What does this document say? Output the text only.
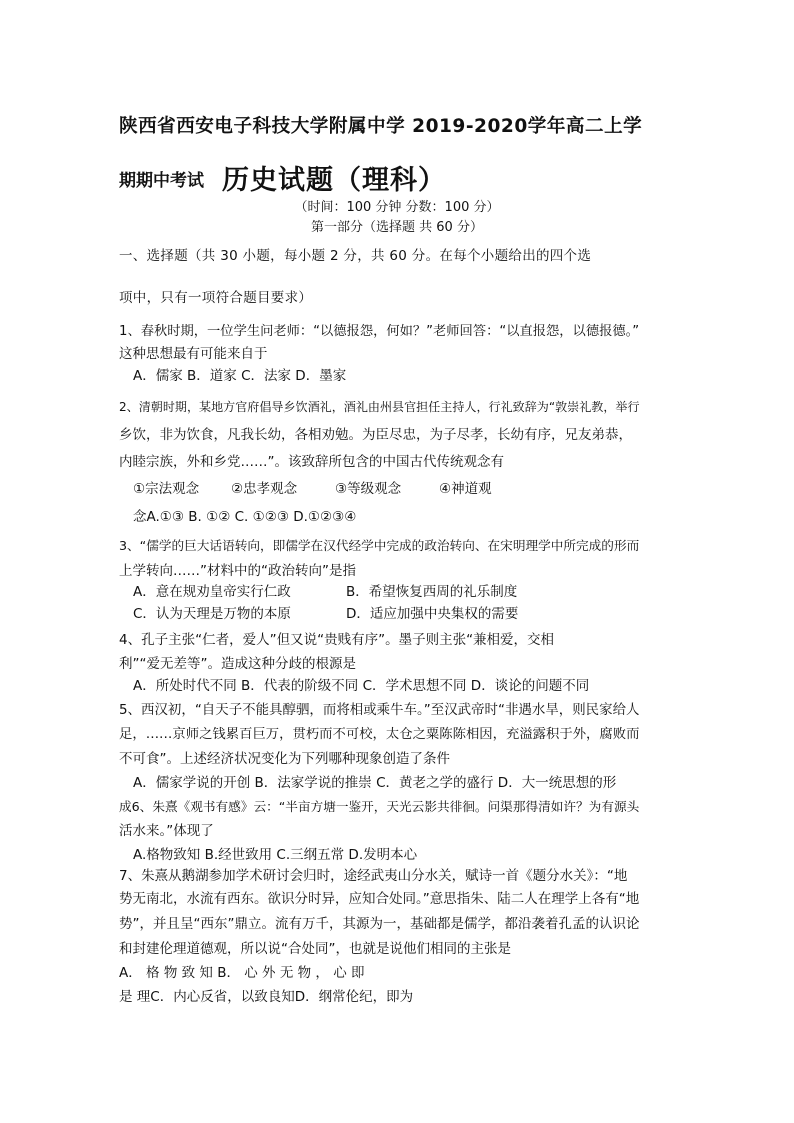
陕西省西安电子科技大学附属中学 2019-2020学年高二上学
期期中考试 历史试题（理科）
（时间：100 分钟 分数：100 分）
第一部分（选择题 共 60 分）
一、选择题（共 30 小题，每小题 2 分，共 60 分。在每个小题给出的四个选
项中，只有一项符合题目要求）
1、春秋时期，一位学生问老师：“以德报怨，何如？”老师回答：“以直报怨，以德报德。”
这种思想最有可能来自于
A．儒家 B．道家 C．法家 D．墨家
2、清朝时期，某地方官府倡导乡饮酒礼，酒礼由州县官担任主持人，行礼致辞为“敦崇礼教，举行
乡饮，非为饮食，凡我长幼，各相劝勉。为臣尽忠，为子尽孝，长幼有序，兄友弟恭，
内睦宗族，外和乡党……”。该致辞所包含的中国古代传统观念有
①宗法观念 ②忠孝观念	③等级观念	④神道观
念A.①③ B. ①② C. ①②③ D.①②③④
3、“儒学的巨大话语转向，即儒学在汉代经学中完成的政治转向、在宋明理学中所完成的形而
上学转向……”材料中的“政治转向”是指
A．意在规劝皇帝实行仁政	B．希望恢复西周的礼乐制度
C．认为天理是万物的本原	D．适应加强中央集权的需要
4、孔子主张“仁者，爱人”但又说“贵贱有序”。墨子则主张“兼相爱，交相
利”“爱无差等”。造成这种分歧的根源是
A．所处时代不同 B．代表的阶级不同 C．学术思想不同 D．谈论的问题不同
5、西汉初，“自天子不能具醇驷，而将相或乘牛车。”至汉武帝时“非遇水旱，则民家给人
足，……京师之钱累百巨万，贯朽而不可校，太仓之粟陈陈相因，充溢露积于外，腐败而
不可食”。上述经济状况变化为下列哪种现象创造了条件
A．儒家学说的开创 B．法家学说的推崇 C．黄老之学的盛行 D．大一统思想的形
成6、朱熹《观书有感》云：“半亩方塘一鉴开，天光云影共徘徊。问渠那得清如许？为有源头
活水来。”体现了
A.格物致知 B.经世致用 C.三纲五常 D.发明本心
7、朱熹从鹅湖参加学术研讨会归时，途经武夷山分水关，赋诗一首《题分水关》：“地
势无南北，水流有西东。欲识分时异，应知合处同。”意思指朱、陆二人在理学上各有“地
势”，并且呈“西东”鼎立。流有万千，其源为一，基础都是儒学，都沿袭着孔孟的认识论
和封建伦理道德观，所以说“合处同”，也就是说他们相同的主张是
A． 格 物 致 知 B． 心 外 无 物 ， 心 即
是 理C．内心反省，以致良知D．纲常伦纪，即为
